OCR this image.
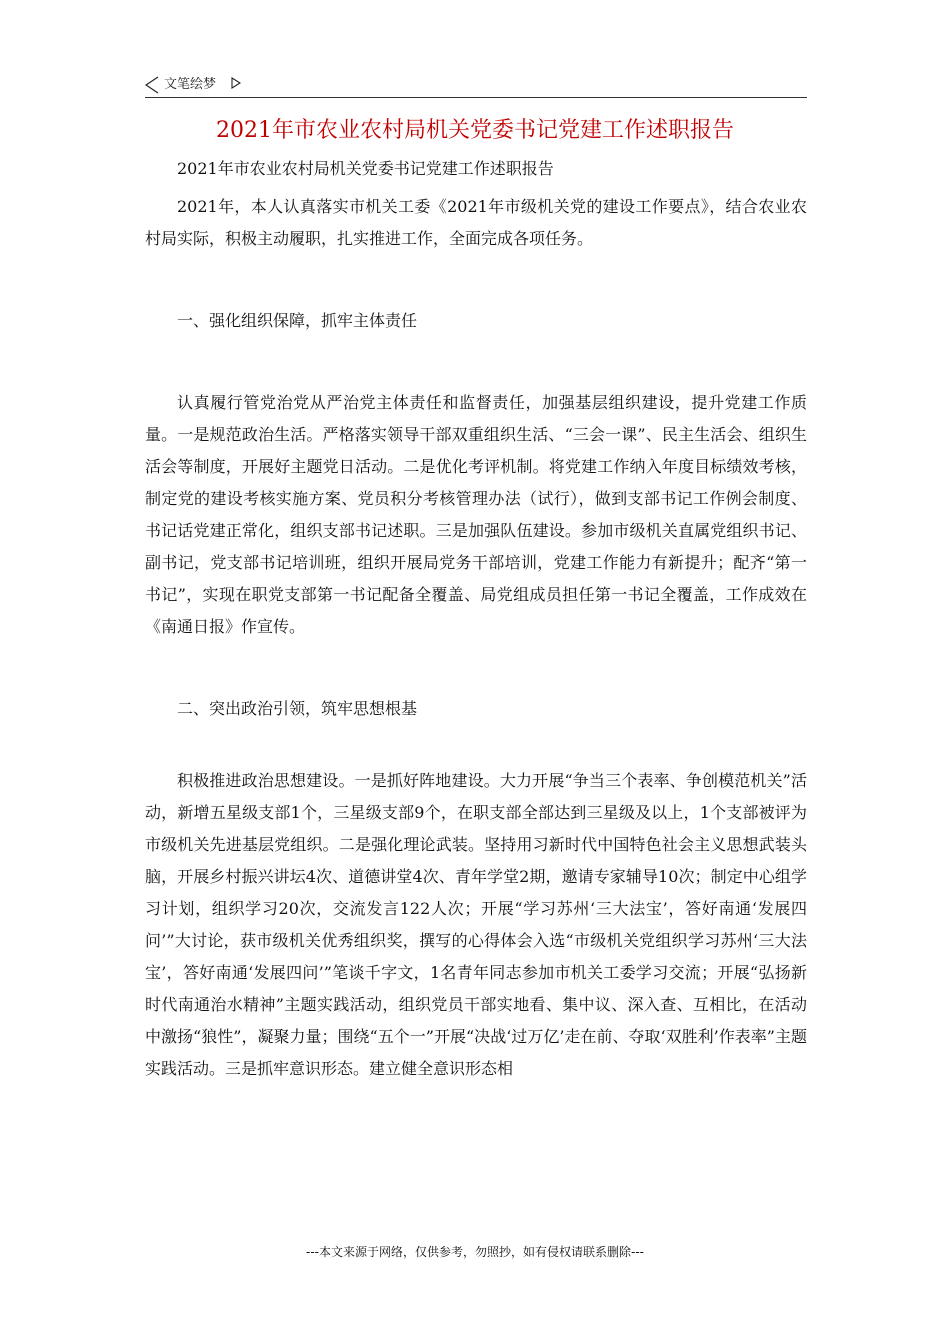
文笔绘梦
2021年市农业农村局机关党委书记党建工作述职报告

2021年市农业农村局机关党委书记党建工作述职报告

2021年，本人认真落实市机关工委《2021年市级机关党的建设工作要点》，结合农业农村局实际，积极主动履职，扎实推进工作，全面完成各项任务。

一、强化组织保障，抓牢主体责任

认真履行管党治党从严治党主体责任和监督责任，加强基层组织建设，提升党建工作质量。一是规范政治生活。严格落实领导干部双重组织生活、“三会一课”、民主生活会、组织生活会等制度，开展好主题党日活动。二是优化考评机制。将党建工作纳入年度目标绩效考核，制定党的建设考核实施方案、党员积分考核管理办法（试行），做到支部书记工作例会制度、书记话党建正常化，组织支部书记述职。三是加强队伍建设。参加市级机关直属党组织书记、副书记，党支部书记培训班，组织开展局党务干部培训，党建工作能力有新提升；配齐“第一书记”，实现在职党支部第一书记配备全覆盖、局党组成员担任第一书记全覆盖，工作成效在《南通日报》作宣传。

二、突出政治引领，筑牢思想根基

积极推进政治思想建设。一是抓好阵地建设。大力开展“争当三个表率、争创模范机关”活动，新增五星级支部1个，三星级支部9个，在职支部全部达到三星级及以上，1个支部被评为市级机关先进基层党组织。二是强化理论武装。坚持用习新时代中国特色社会主义思想武装头脑，开展乡村振兴讲坛4次、道德讲堂4次、青年学堂2期，邀请专家辅导10次；制定中心组学习计划，组织学习20次，交流发言122人次；开展“学习苏州‘三大法宝’，答好南通‘发展四问’”大讨论，获市级机关优秀组织奖，撰写的心得体会入选“市级机关党组织学习苏州‘三大法宝’，答好南通‘发展四问’”笔谈千字文，1名青年同志参加市机关工委学习交流；开展“弘扬新时代南通治水精神”主题实践活动，组织党员干部实地看、集中议、深入查、互相比，在活动中激扬“狼性”，凝聚力量；围绕“五个一”开展“决战‘过万亿’走在前、夺取‘双胜利’作表率”主题实践活动。三是抓牢意识形态。建立健全意识形态相

---本文来源于网络，仅供参考，勿照抄，如有侵权请联系删除---
